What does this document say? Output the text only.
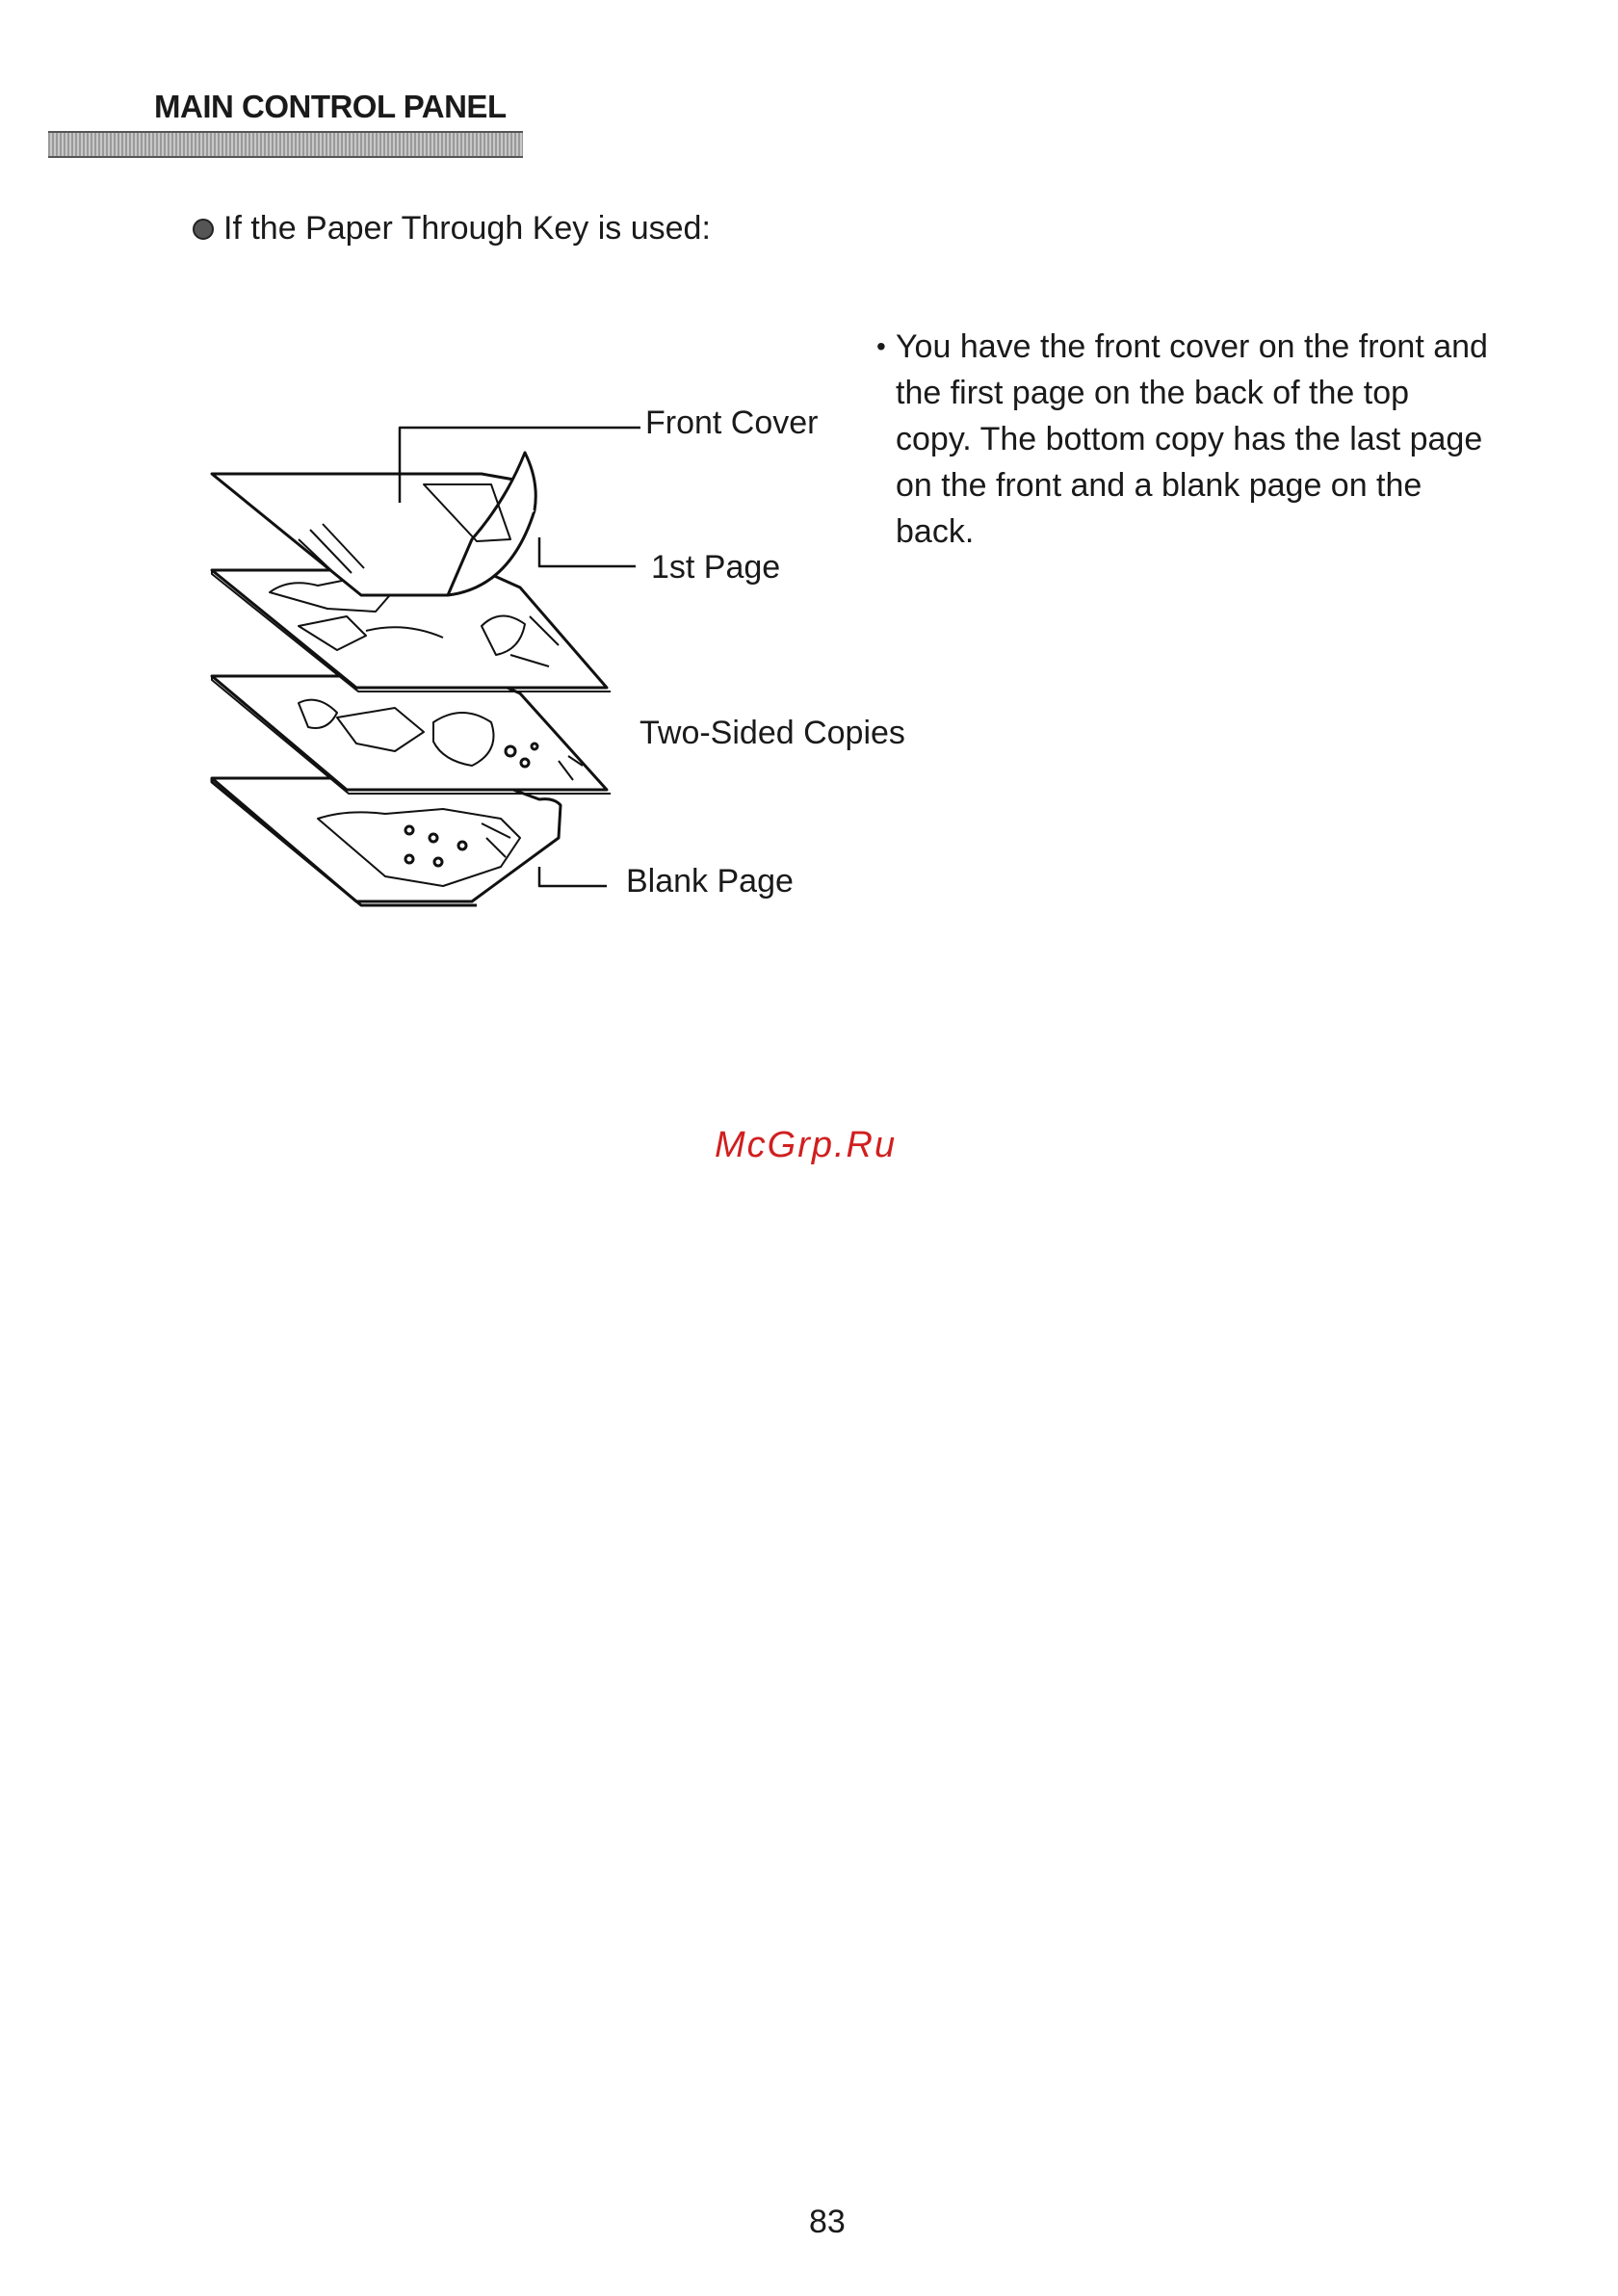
MAIN CONTROL PANEL
If the Paper Through Key is used:
Front Cover
1st Page
Two-Sided Copies
Blank Page
• You have the front cover on the front and the first page on the back of the top copy. The bottom copy has the last page on the front and a blank page on the back.
McGrp.Ru
83
